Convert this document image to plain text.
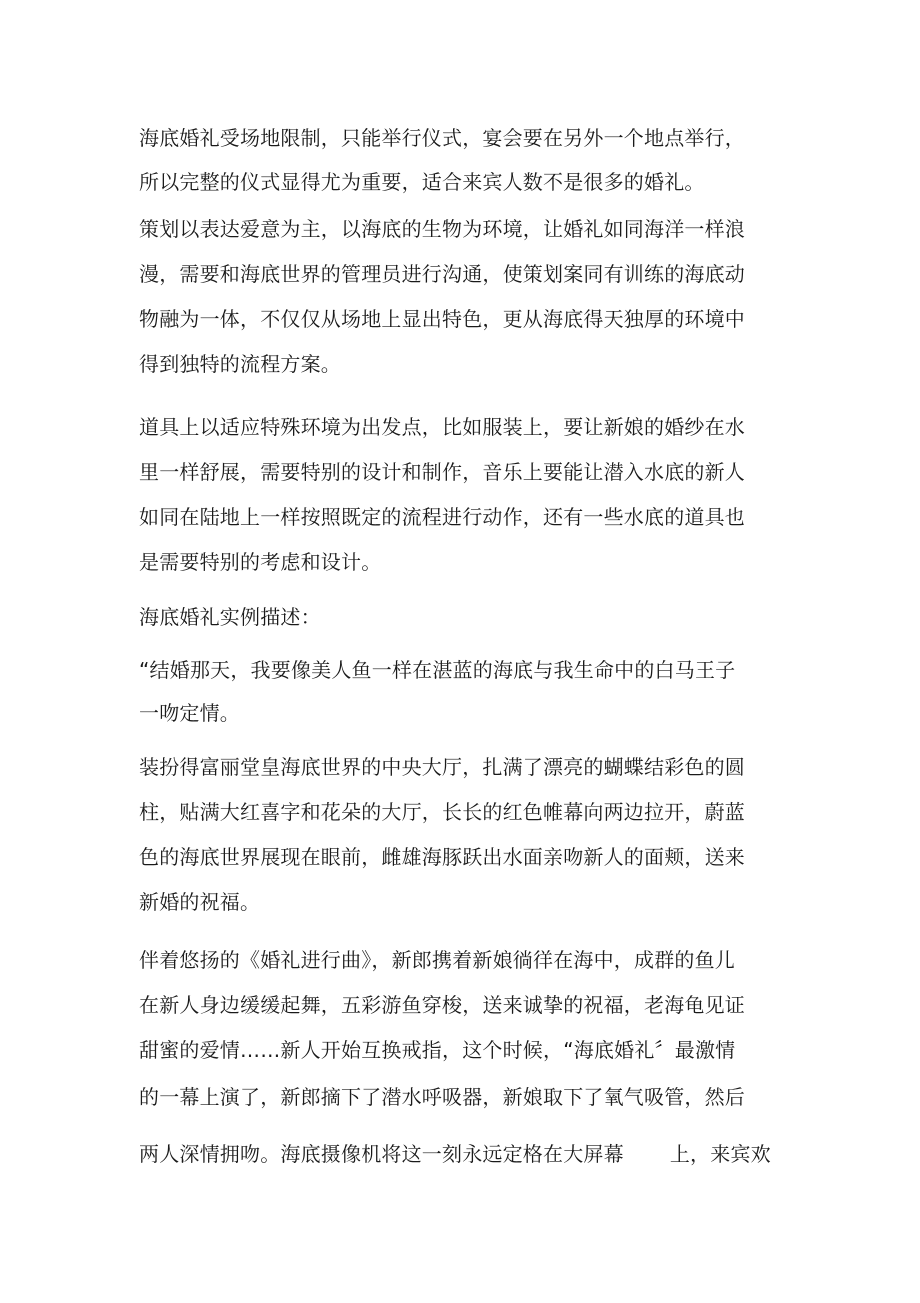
海底婚礼受场地限制，只能举行仪式，宴会要在另外一个地点举行，
所以完整的仪式显得尤为重要，适合来宾人数不是很多的婚礼。
策划以表达爱意为主，以海底的生物为环境，让婚礼如同海洋一样浪
漫，需要和海底世界的管理员进行沟通，使策划案同有训练的海底动
物融为一体，不仅仅从场地上显出特色，更从海底得天独厚的环境中
得到独特的流程方案。
道具上以适应特殊环境为出发点，比如服装上，要让新娘的婚纱在水
里一样舒展，需要特别的设计和制作，音乐上要能让潜入水底的新人
如同在陆地上一样按照既定的流程进行动作，还有一些水底的道具也
是需要特别的考虑和设计。
海底婚礼实例描述：
“结婚那天，我要像美人鱼一样在湛蓝的海底与我生命中的白马王子
一吻定情。
装扮得富丽堂皇海底世界的中央大厅，扎满了漂亮的蝴蝶结彩色的圆
柱，贴满大红喜字和花朵的大厅，长长的红色帷幕向两边拉开，蔚蓝
色的海底世界展现在眼前，雌雄海豚跃出水面亲吻新人的面颊，送来
新婚的祝福。
伴着悠扬的《婚礼进行曲》，新郎携着新娘徜徉在海中，成群的鱼儿
在新人身边缓缓起舞，五彩游鱼穿梭，送来诚挚的祝福，老海龟见证
甜蜜的爱情……新人开始互换戒指，这个时候，“海底婚礼〞最激情
的一幕上演了，新郎摘下了潜水呼吸器，新娘取下了氧气吸管，然后
两人深情拥吻。海底摄像机将这一刻永远定格在大屏幕 上，来宾欢
